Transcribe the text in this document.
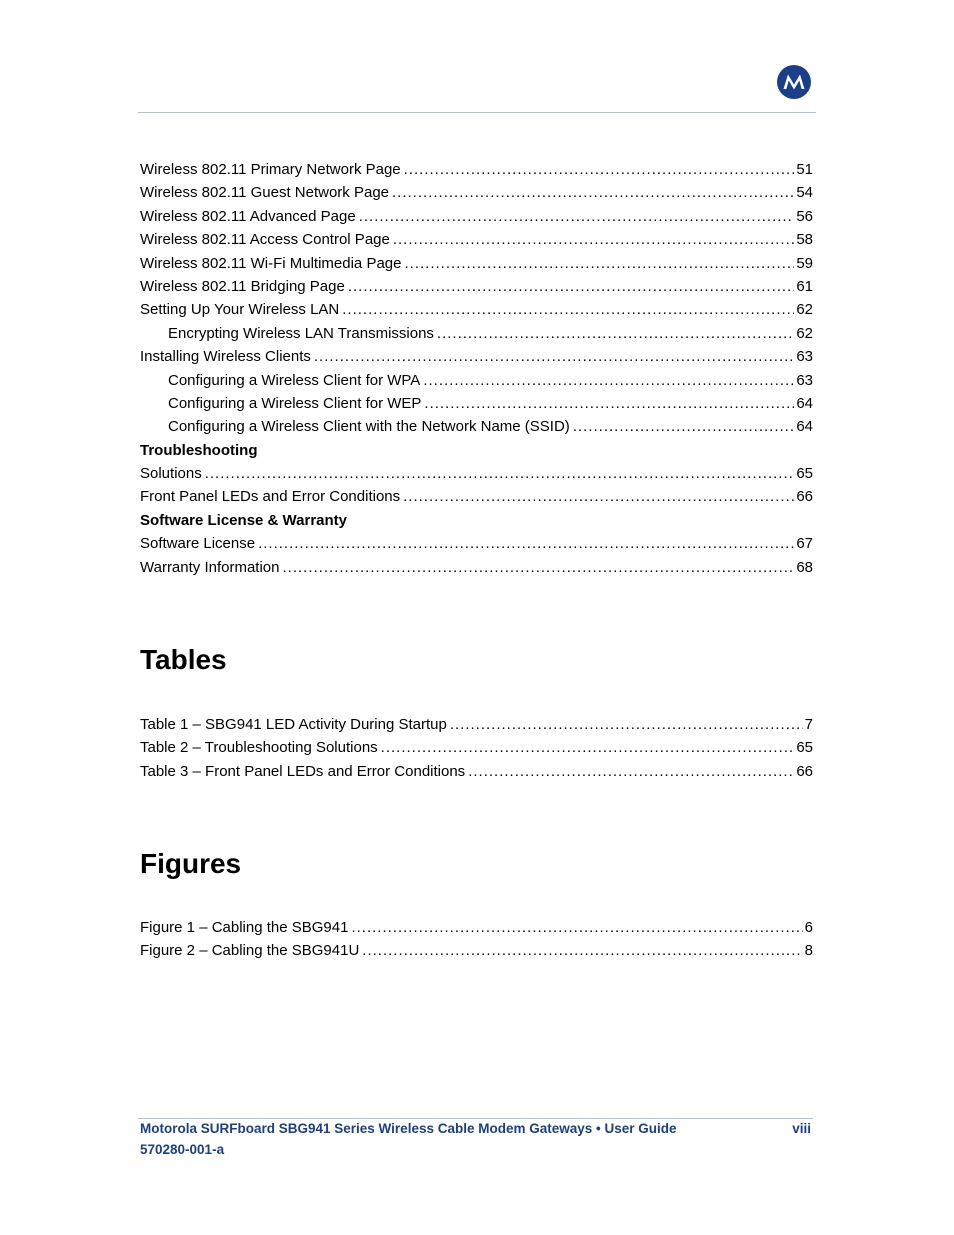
Wireless 802.11 Primary Network Page .....	51
Wireless 802.11 Guest Network Page .....	54
Wireless 802.11 Advanced Page .....	56
Wireless 802.11 Access Control Page .....	58
Wireless 802.11 Wi-Fi Multimedia Page .....	59
Wireless 802.11 Bridging Page .....	61
Setting Up Your Wireless LAN .....	62
Encrypting Wireless LAN Transmissions .....	62
Installing Wireless Clients .....	63
Configuring a Wireless Client for WPA .....	63
Configuring a Wireless Client for WEP .....	64
Configuring a Wireless Client with the Network Name (SSID) .....	64
Troubleshooting
Solutions .....	65
Front Panel LEDs and Error Conditions .....	66
Software License & Warranty
Software License .....	67
Warranty Information .....	68
Tables
Table 1 – SBG941 LED Activity During Startup .....	7
Table 2 – Troubleshooting Solutions .....	65
Table 3 – Front Panel LEDs and Error Conditions .....	66
Figures
Figure 1 – Cabling the SBG941 .....	6
Figure 2 – Cabling the SBG941U .....	8
Motorola SURFboard SBG941 Series Wireless Cable Modem Gateways • User Guide
570280-001-a
viii
